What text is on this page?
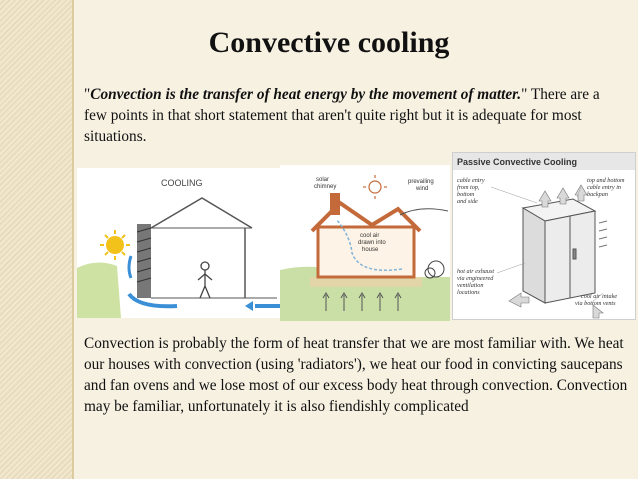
Convective cooling
"Convection is the transfer of heat energy by the movement of matter." There are a few points in that short statement that aren't quite right but it is adequate for most situations.
COOLING	solar
chimney
prevailing
wind
cool air
drawn into
house
Passive Convective Cooling
cable entry
from top,
bottom
and side
top and bottom
cable entry in
backpan
hot air exhaust
via engineered
ventilation
locations
cool air intake
via bottom vents
Convection is probably the form of heat transfer that we are most familiar with. We heat our houses with convection (using 'radiators'), we heat our food in convicting saucepans and fan ovens and we lose most of our excess body heat through convection. Convection may be familiar, unfortunately it is also fiendishly complicated
